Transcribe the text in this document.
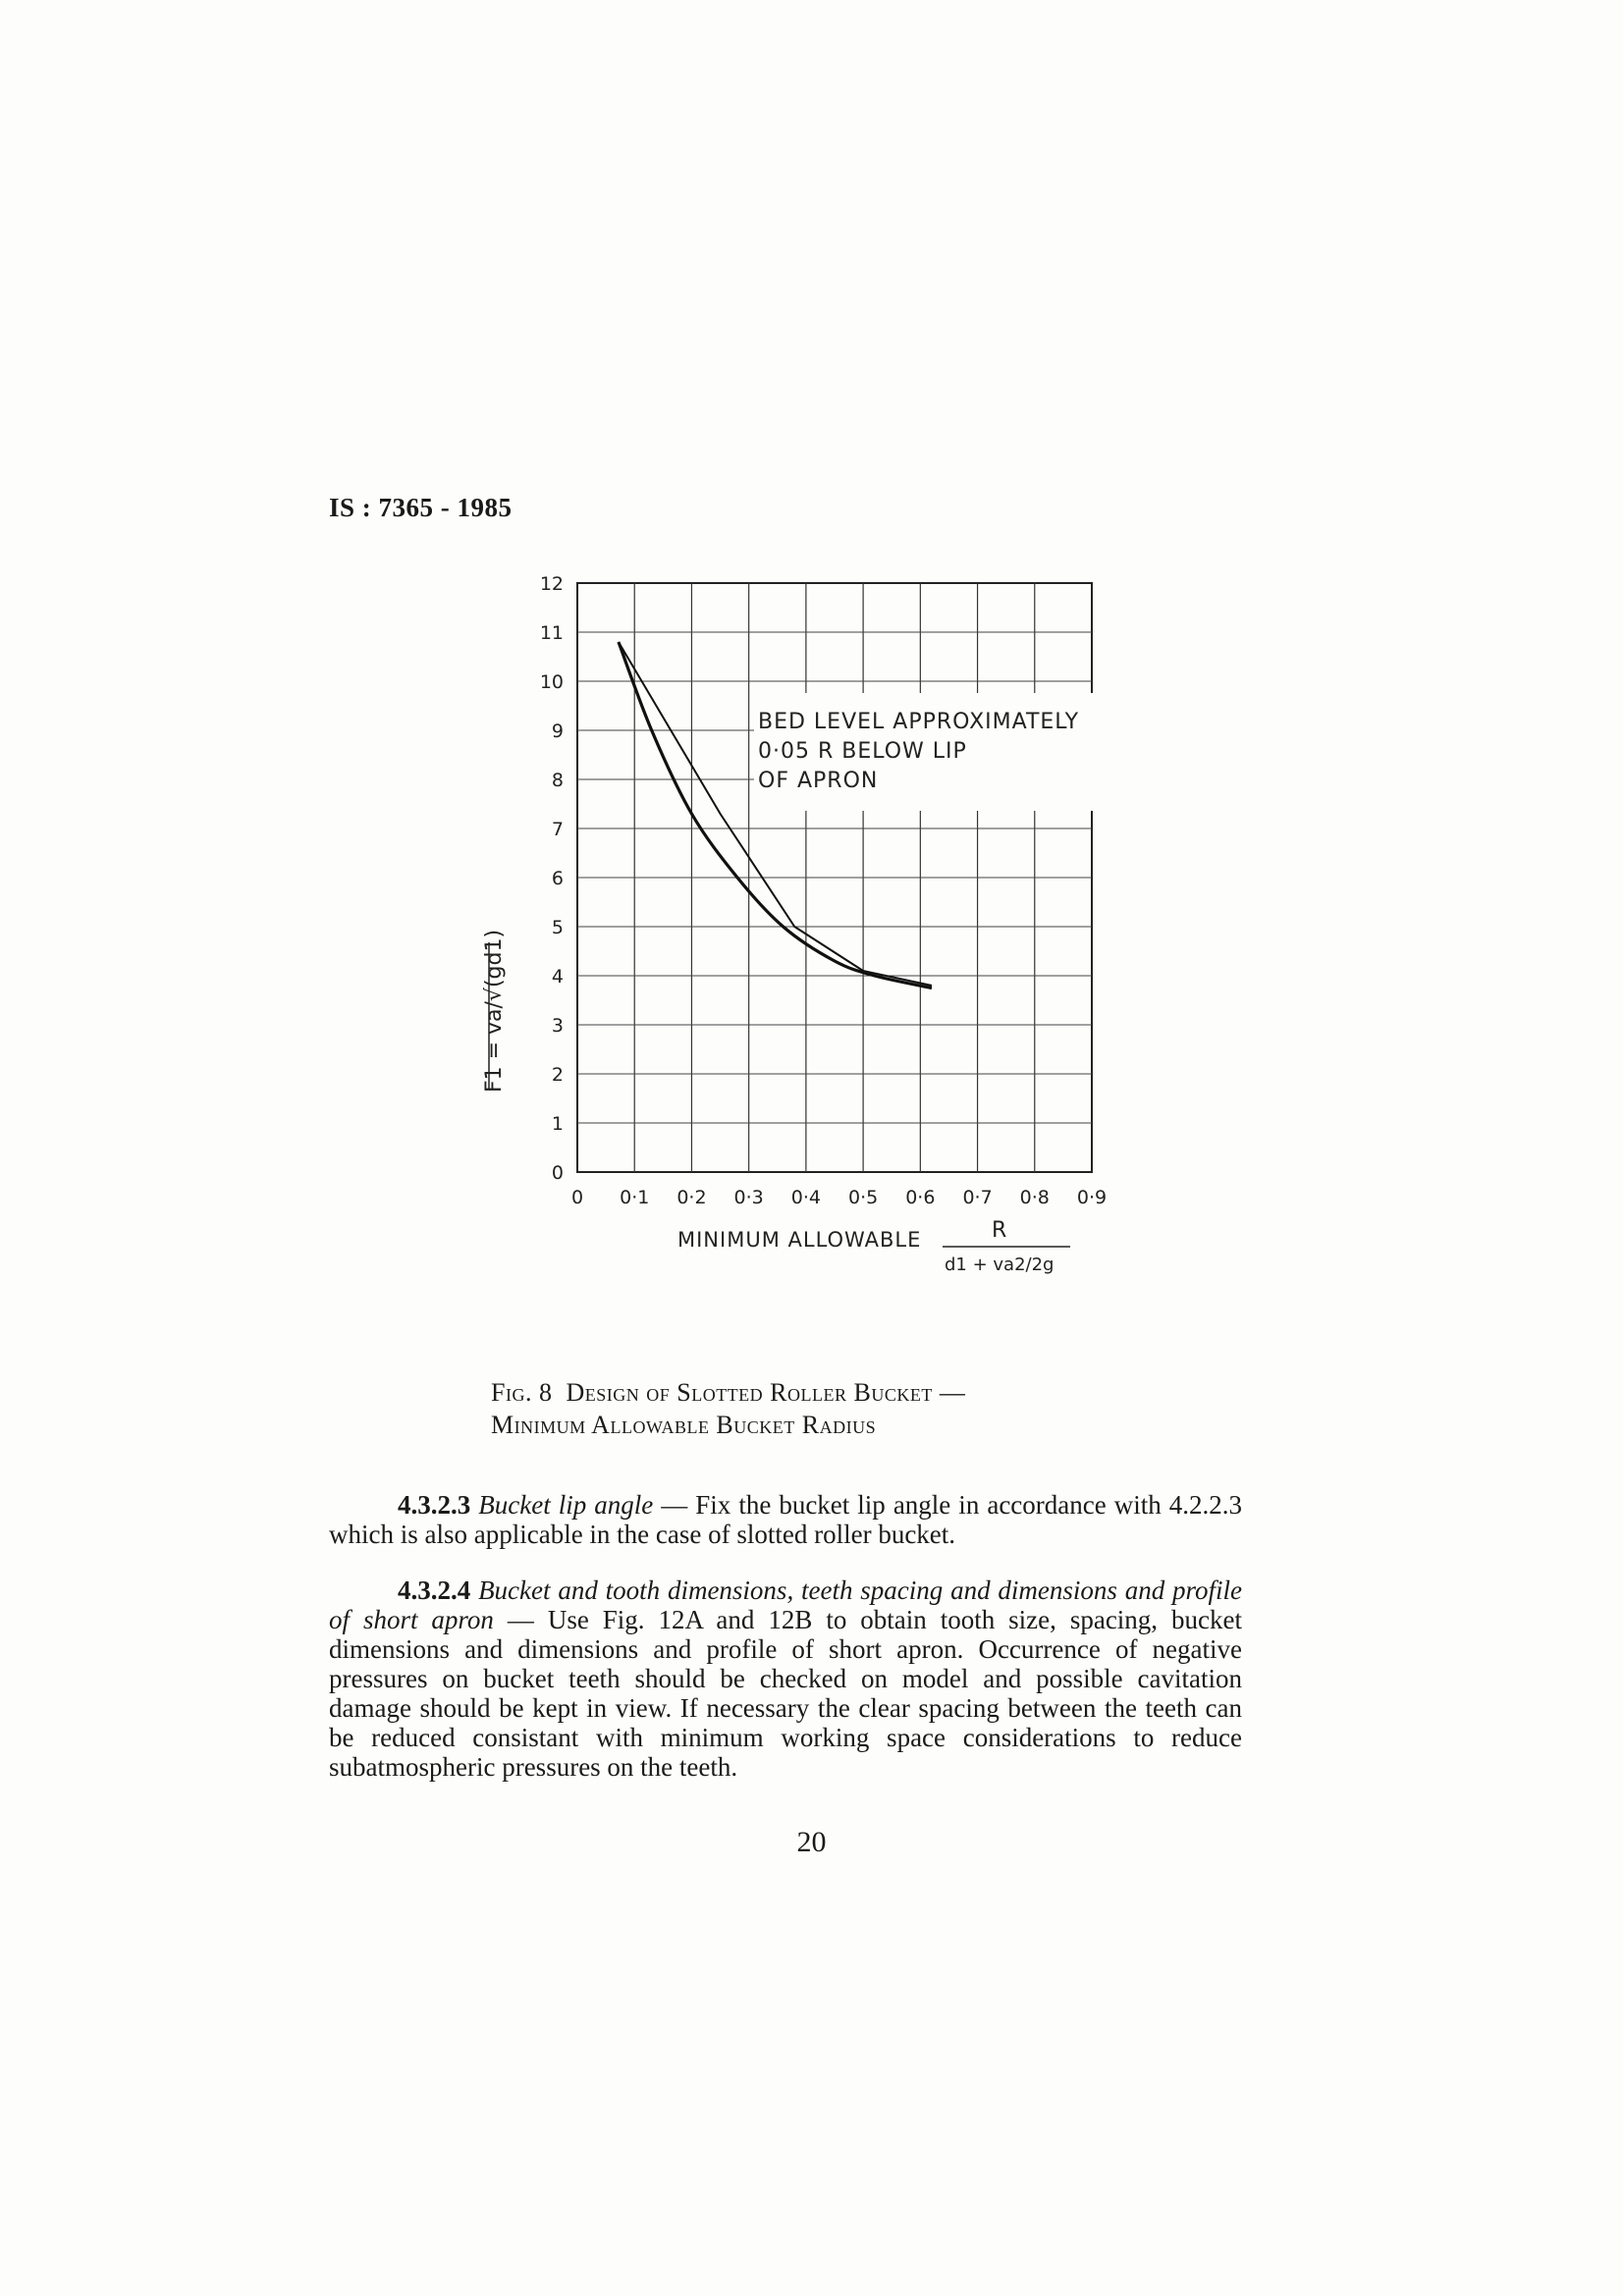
IS : 7365 - 1985
0 0·1 0·2 0·3 0·4 0·5 0·6 0·7 0·8 0·9
0
1
2
3
4
5
6
7
8
9
10
11
12
BED LEVEL APPROXIMATELY
0·05 R BELOW LIP
OF APRON
MINIMUM ALLOWABLE	R
d1 + va2/2g
F1 = va/√(gd1)
Fig. 8 Design of Slotted Roller Bucket —
Minimum Allowable Bucket Radius
4.3.2.3 Bucket lip angle — Fix the bucket lip angle in accordance with 4.2.2.3 which is also applicable in the case of slotted roller bucket.
4.3.2.4 Bucket and tooth dimensions, teeth spacing and dimensions and profile of short apron — Use Fig. 12A and 12B to obtain tooth size, spacing, bucket dimensions and dimensions and profile of short apron. Occurrence of negative pressures on bucket teeth should be checked on model and possible cavitation damage should be kept in view. If necessary the clear spacing between the teeth can be reduced consistant with minimum working space considerations to reduce subatmospheric pressures on the teeth.
20
